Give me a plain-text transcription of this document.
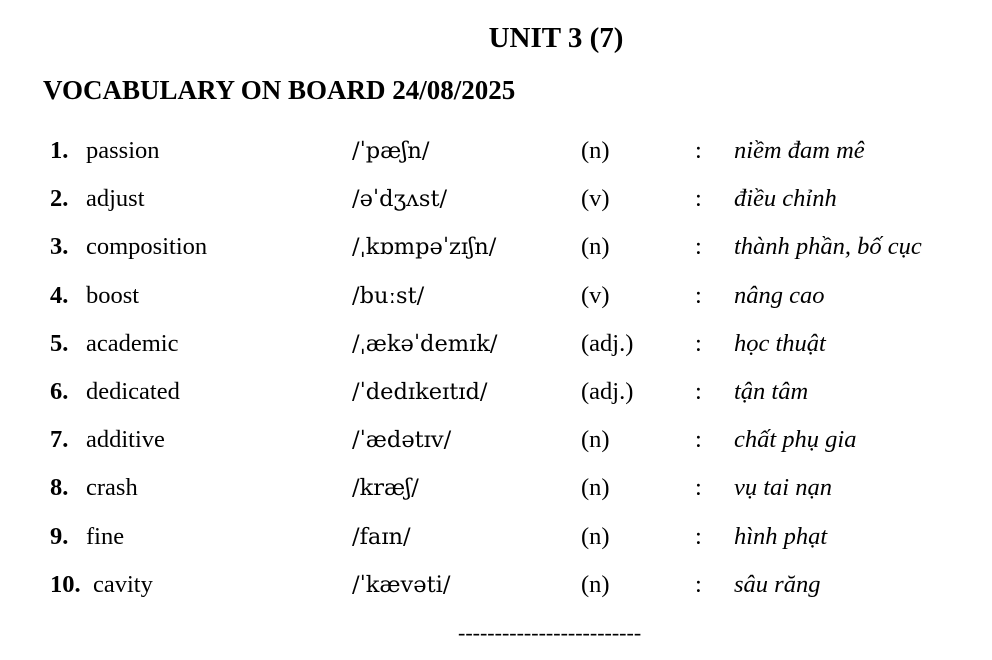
UNIT 3 (7)
VOCABULARY ON BOARD 24/08/2025
1. passion	/ˈpæʃn/	(n)	: niềm đam mê
2. adjust	/əˈdʒʌst/	(v)	: điều chỉnh
3. composition	/ˌkɒmpəˈzɪʃn/	(n)	: thành phần, bố cục
4. boost	/buːst/	(v)	: nâng cao
5. academic	/ˌækəˈdemɪk/	(adj.)	: học thuật
6. dedicated	/ˈdedɪkeɪtɪd/	(adj.)	: tận tâm
7. additive	/ˈædətɪv/	(n)	: chất phụ gia
8. crash	/kræʃ/	(n)	: vụ tai nạn
9. fine	/faɪn/	(n)	: hình phạt
10. cavity	/ˈkævəti/	(n)	: sâu răng
-------------------------
